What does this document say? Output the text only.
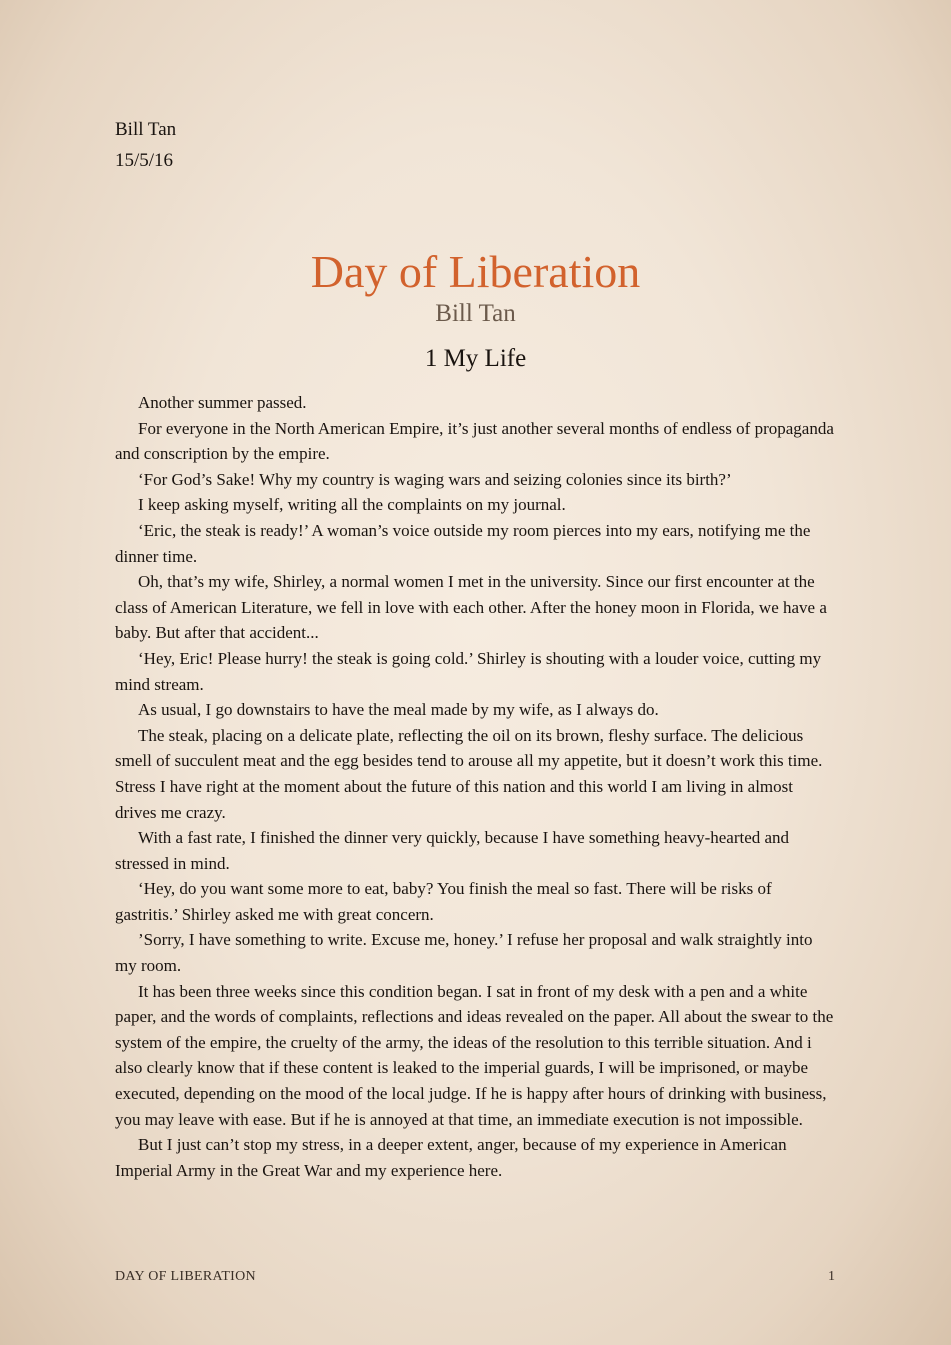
Bill Tan
15/5/16
Day of Liberation
Bill Tan
1 My Life

Another summer passed.

For everyone in the North American Empire, it’s just another several months of endless of propaganda and conscription by the empire.

‘For God’s Sake! Why my country is waging wars and seizing colonies since its birth?’

I keep asking myself, writing all the complaints on my journal.

‘Eric, the steak is ready!’ A woman’s voice outside my room pierces into my ears, notifying me the dinner time.

Oh, that’s my wife, Shirley, a normal women I met in the university. Since our first encounter at the class of American Literature, we fell in love with each other. After the honey moon in Florida, we have a baby. But after that accident...

‘Hey, Eric! Please hurry! the steak is going cold.’ Shirley is shouting with a louder voice, cutting my mind stream.

As usual, I go downstairs to have the meal made by my wife, as I always do.

The steak, placing on a delicate plate, reflecting the oil on its brown, fleshy surface. The delicious smell of succulent meat and the egg besides tend to arouse all my appetite, but it doesn’t work this time. Stress I have right at the moment about the future of this nation and this world I am living in almost drives me crazy.

With a fast rate, I finished the dinner very quickly, because I have something heavy-hearted and stressed in mind.

‘Hey, do you want some more to eat, baby? You finish the meal so fast. There will be risks of gastritis.’ Shirley asked me with great concern.

’Sorry, I have something to write. Excuse me, honey.’ I refuse her proposal and walk straightly into my room.

It has been three weeks since this condition began. I sat in front of my desk with a pen and a white paper, and the words of complaints, reflections and ideas revealed on the paper. All about the swear to the system of the empire, the cruelty of the army, the ideas of the resolution to this terrible situation. And i also clearly know that if these content is leaked to the imperial guards, I will be imprisoned, or maybe executed, depending on the mood of the local judge. If he is happy after hours of drinking with business, you may leave with ease. But if he is annoyed at that time, an immediate execution is not impossible.

But I just can’t stop my stress, in a deeper extent, anger, because of my experience in American Imperial Army in the Great War and my experience here.

DAY OF LIBERATION	1
